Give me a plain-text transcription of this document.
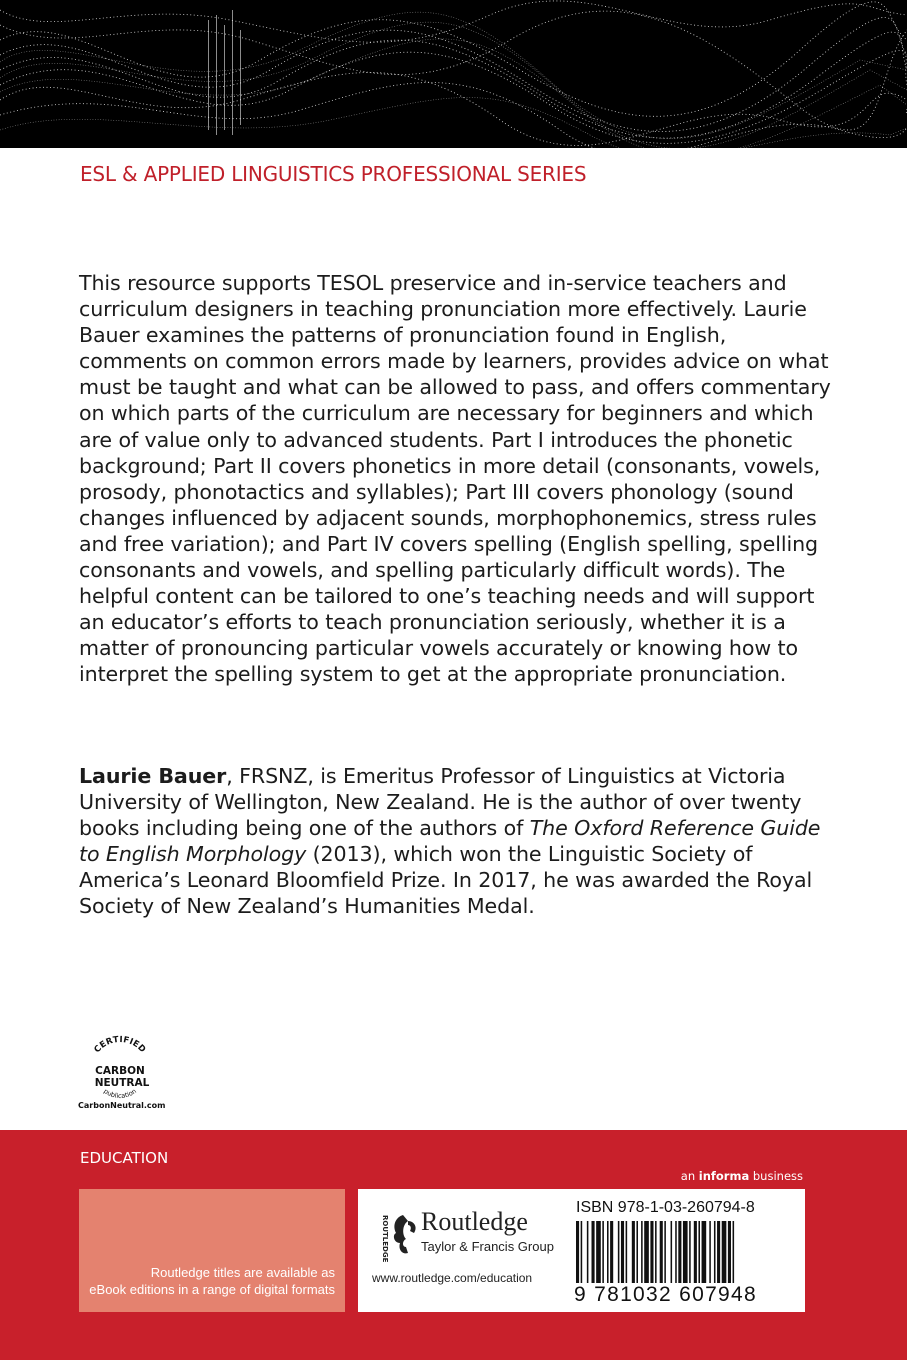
ESL & APPLIED LINGUISTICS PROFESSIONAL SERIES

This resource supports TESOL preservice and in-service teachers and curriculum designers in teaching pronunciation more effectively. Laurie Bauer examines the patterns of pronunciation found in English, comments on common errors made by learners, provides advice on what must be taught and what can be allowed to pass, and offers commentary on which parts of the curriculum are necessary for beginners and which are of value only to advanced students. Part I introduces the phonetic background; Part II covers phonetics in more detail (consonants, vowels, prosody, phonotactics and syllables); Part III covers phonology (sound changes influenced by adjacent sounds, morphophonemics, stress rules and free variation); and Part IV covers spelling (English spelling, spelling consonants and vowels, and spelling particularly difficult words). The helpful content can be tailored to one’s teaching needs and will support an educator’s efforts to teach pronunciation seriously, whether it is a matter of pronouncing particular vowels accurately or knowing how to interpret the spelling system to get at the appropriate pronunciation.

Laurie Bauer, FRSNZ, is Emeritus Professor of Linguistics at Victoria University of Wellington, New Zealand. He is the author of over twenty books including being one of the authors of The Oxford Reference Guide to English Morphology (2013), which won the Linguistic Society of America’s Leonard Bloomfield Prize. In 2017, he was awarded the Royal Society of New Zealand’s Humanities Medal.

CERTIFIED
CARBON
NEUTRAL
publication
CarbonNeutral.com
EDUCATION
an informa business
Routledge titles are available as
eBook editions in a range of digital formats
ROUTLEDGE Routledge
Taylor & Francis Group
www.routledge.com/education
ISBN 978-1-03-260794-8
9 781032 607948
